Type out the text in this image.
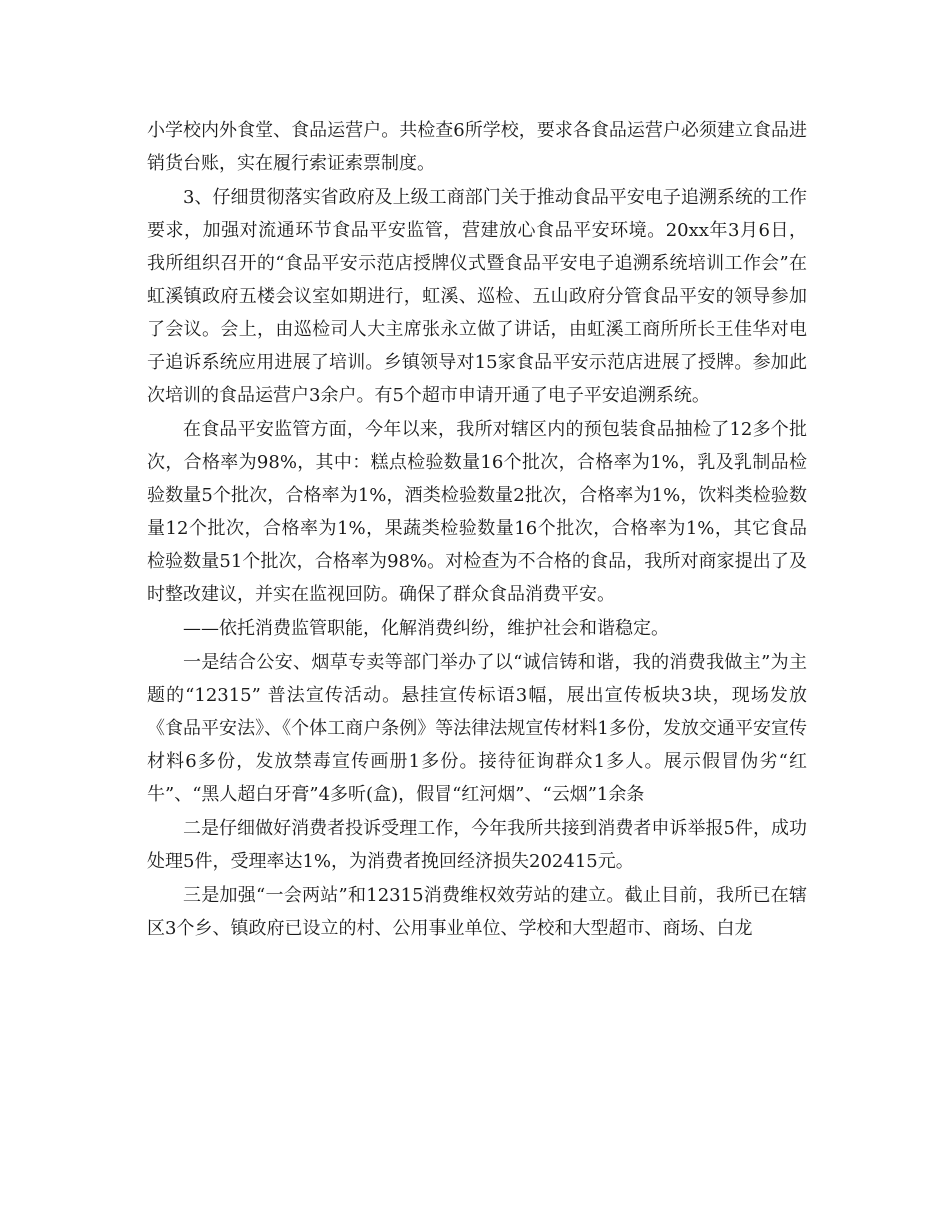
小学校内外食堂、食品运营户。共检查6所学校，要求各食品运营户必须建立食品进销货台账，实在履行索证索票制度。

3、仔细贯彻落实省政府及上级工商部门关于推动食品平安电子追溯系统的工作要求，加强对流通环节食品平安监管，营建放心食品平安环境。20xx年3月6日，我所组织召开的“食品平安示范店授牌仪式暨食品平安电子追溯系统培训工作会”在虹溪镇政府五楼会议室如期进行，虹溪、巡检、五山政府分管食品平安的领导参加了会议。会上，由巡检司人大主席张永立做了讲话，由虹溪工商所所长王佳华对电子追诉系统应用进展了培训。乡镇领导对15家食品平安示范店进展了授牌。参加此次培训的食品运营户3余户。有5个超市申请开通了电子平安追溯系统。

在食品平安监管方面，今年以来，我所对辖区内的预包装食品抽检了12多个批次，合格率为98%，其中：糕点检验数量16个批次，合格率为1%，乳及乳制品检验数量5个批次，合格率为1%，酒类检验数量2批次，合格率为1%，饮料类检验数量12个批次，合格率为1%，果蔬类检验数量16个批次，合格率为1%，其它食品检验数量51个批次，合格率为98%。对检查为不合格的食品，我所对商家提出了及时整改建议，并实在监视回防。确保了群众食品消费平安。

——依托消费监管职能，化解消费纠纷，维护社会和谐稳定。

一是结合公安、烟草专卖等部门举办了以“诚信铸和谐，我的消费我做主”为主题的“12315” 普法宣传活动。悬挂宣传标语3幅，展出宣传板块3块，现场发放《食品平安法》、《个体工商户条例》等法律法规宣传材料1多份，发放交通平安宣传材料6多份，发放禁毒宣传画册1多份。接待征询群众1多人。展示假冒伪劣“红牛”、“黑人超白牙膏”4多听(盒)，假冒“红河烟”、“云烟”1余条

二是仔细做好消费者投诉受理工作，今年我所共接到消费者申诉举报5件，成功处理5件，受理率达1%，为消费者挽回经济损失202415元。

三是加强“一会两站”和12315消费维权效劳站的建立。截止目前，我所已在辖区3个乡、镇政府已设立的村、公用事业单位、学校和大型超市、商场、白龙
